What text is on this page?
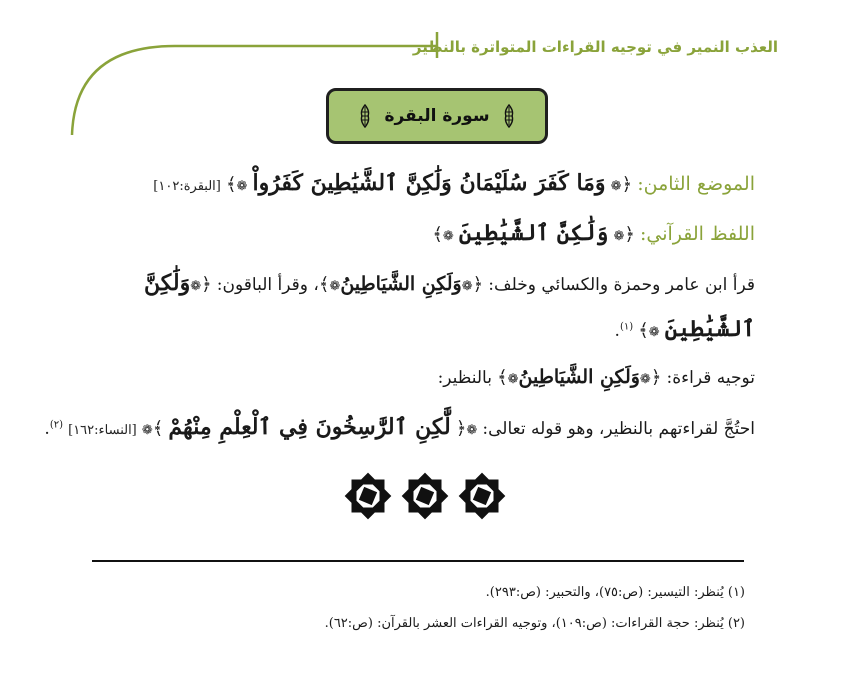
العذب النمير في توجيه القراءات المتواترة بالنظير
سورة البقرة
الموضع الثامن: ﴿❁ وَمَا كَفَرَ سُلَيْمَانُ وَلَٰكِنَّ ٱلشَّيَٰطِينَ كَفَرُواْ ❁﴾ [البقرة:١٠٢]
اللفظ القرآني: ﴿❁ وَلَٰكِنَّ ٱلشَّيَٰطِينَ ❁﴾
قرأ ابن عامر وحمزة والكسائي وخلف: ﴿❁وَلَكِنِ الشَّيَاطِينُ❁﴾، وقرأ الباقون: ﴿❁وَلَٰكِنَّ
ٱلشَّيَٰطِينَ ❁﴾ $^{(١)}$.
توجيه قراءة: ﴿❁وَلَكِنِ الشَّيَاطِينُ❁﴾ بالنظير:
احتُجَّ لقراءتهم بالنظير، وهو قوله تعالى: ❁﴿ لَّٰكِنِ ٱلرَّٰسِخُونَ فِي ٱلْعِلْمِ مِنْهُمْ ﴾❁ [النساء:١٦٢] $^{(٢)}$.
(١) يُنظر: التيسير: (ص:٧٥)، والتحبير: (ص:٢٩٣).
(٢) يُنظر: حجة القراءات: (ص:١٠٩)، وتوجيه القراءات العشر بالقرآن: (ص:٦٢).
